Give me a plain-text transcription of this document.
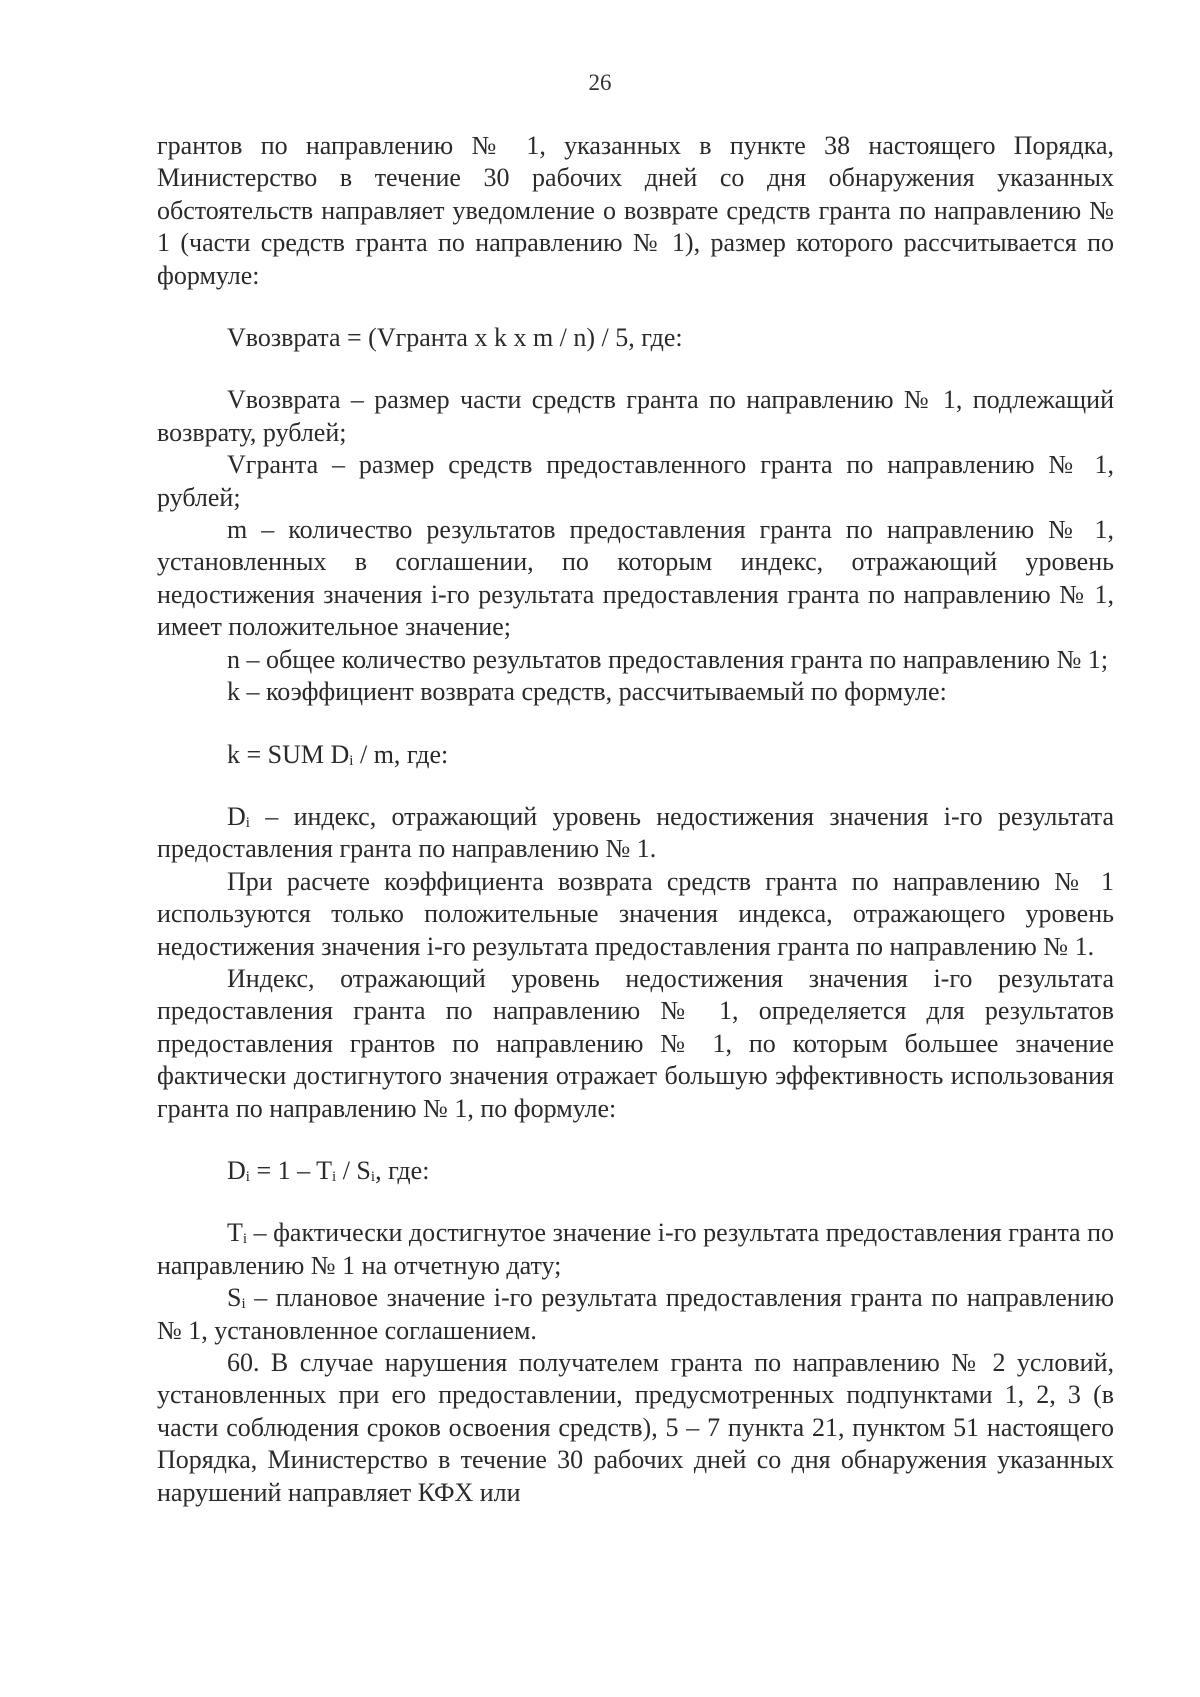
26

грантов по направлению № 1, указанных в пункте 38 настоящего Порядка, Министерство в течение 30 рабочих дней со дня обнаружения указанных обстоятельств направляет уведомление о возврате средств гранта по направлению № 1 (части средств гранта по направлению № 1), размер которого рассчитывается по формуле:

Vвозврата = (Vгранта x k x m / n) / 5, где:

Vвозврата – размер части средств гранта по направлению № 1, подлежащий возврату, рублей;

Vгранта – размер средств предоставленного гранта по направлению № 1, рублей;

m – количество результатов предоставления гранта по направлению № 1, установленных в соглашении, по которым индекс, отражающий уровень недостижения значения i-го результата предоставления гранта по направлению № 1, имеет положительное значение;

n – общее количество результатов предоставления гранта по направлению № 1;

k – коэффициент возврата средств, рассчитываемый по формуле:

k = SUM $D_i$ / m, где:

$D_i$ – индекс, отражающий уровень недостижения значения i-го результата предоставления гранта по направлению № 1.

При расчете коэффициента возврата средств гранта по направлению № 1 используются только положительные значения индекса, отражающего уровень недостижения значения i-го результата предоставления гранта по направлению № 1.

Индекс, отражающий уровень недостижения значения i-го результата предоставления гранта по направлению № 1, определяется для результатов предоставления грантов по направлению № 1, по которым большее значение фактически достигнутого значения отражает большую эффективность использования гранта по направлению № 1, по формуле:

$D_i = 1 - T_i / S_i$, где:

$T_i$ – фактически достигнутое значение i-го результата предоставления гранта по направлению № 1 на отчетную дату;

$S_i$ – плановое значение i-го результата предоставления гранта по направлению № 1, установленное соглашением.

60. В случае нарушения получателем гранта по направлению № 2 условий, установленных при его предоставлении, предусмотренных подпунктами 1, 2, 3 (в части соблюдения сроков освоения средств), 5 – 7 пункта 21, пунктом 51 настоящего Порядка, Министерство в течение 30 рабочих дней со дня обнаружения указанных нарушений направляет КФХ или
